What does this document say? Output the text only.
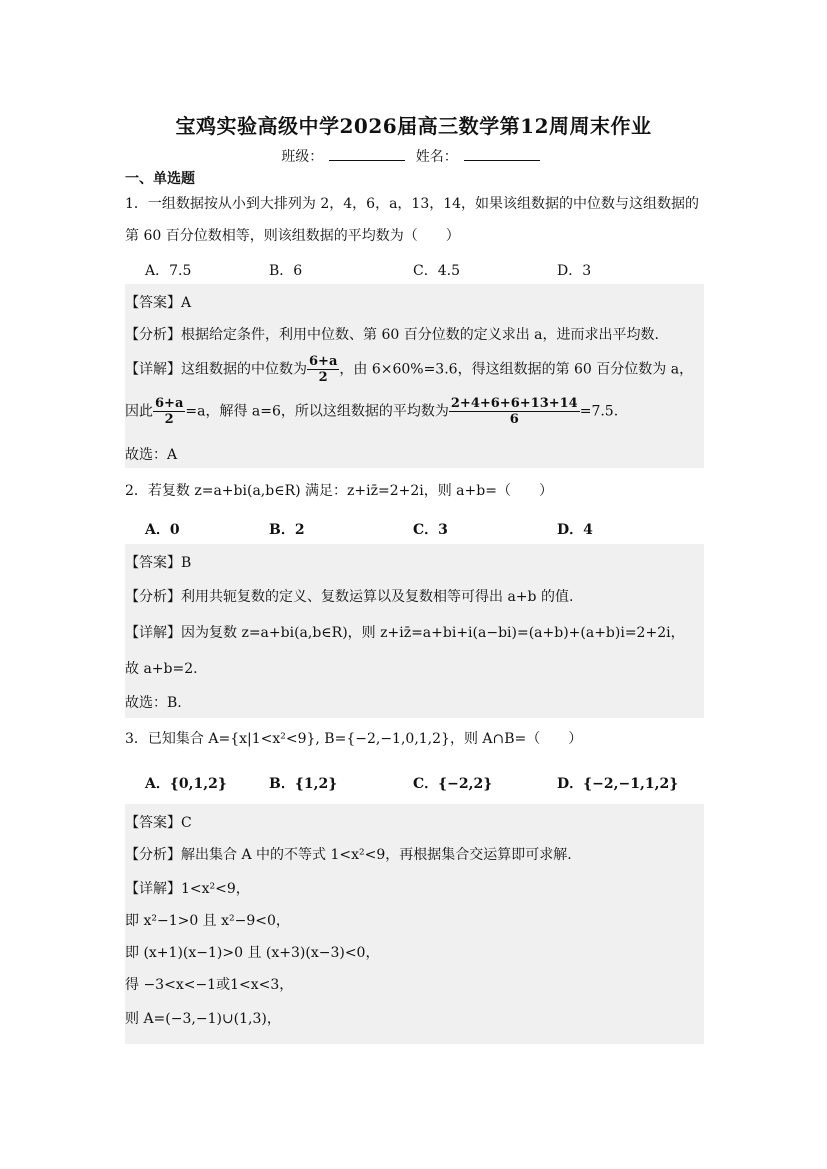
宝鸡实验高级中学2026届高三数学第12周周末作业
班级：	姓名：
一、单选题
1．一组数据按从小到大排列为 2，4，6，a，13，14，如果该组数据的中位数与这组数据的
第 60 百分位数相等，则该组数据的平均数为（　　）
A．7.5	B．6	C．4.5	D．3
【答案】A
【分析】根据给定条件，利用中位数、第 60 百分位数的定义求出 a，进而求出平均数.
【详解】这组数据的中位数为 $\frac{6+a}{2}$ ，由 6×60%=3.6，得这组数据的第 60 百分位数为 a，
因此 $\frac{6+a}{2} =a$，解得 a=6，所以这组数据的平均数为 $\frac{2+4+6+6+13+14}{6} =7.5$.
故选：A
2．若复数 z=a+bi(a,b∈R) 满足：z+iz̄=2+2i，则 a+b=（　　）
A．0	B．2	C．3	D．4
【答案】B
【分析】利用共轭复数的定义、复数运算以及复数相等可得出 a+b 的值.
【详解】因为复数 z=a+bi(a,b∈R)，则 z+iz̄=a+bi+i(a−bi)=(a+b)+(a+b)i=2+2i，
故 a+b=2.
故选：B.
3．已知集合 A={x|1<x²<9}, B={−2,−1,0,1,2}，则 A∩B=（　　）
A．{0,1,2}	B．{1,2}	C．{−2,2}	D．{−2,−1,1,2}
【答案】C
【分析】解出集合 A 中的不等式 1<x²<9，再根据集合交运算即可求解.
【详解】1<x²<9，
即 x²−1>0 且 x²−9<0，
即 (x+1)(x−1)>0 且 (x+3)(x−3)<0，
得 −3<x<−1或1<x<3，
则 A=(−3,−1)∪(1,3)，
